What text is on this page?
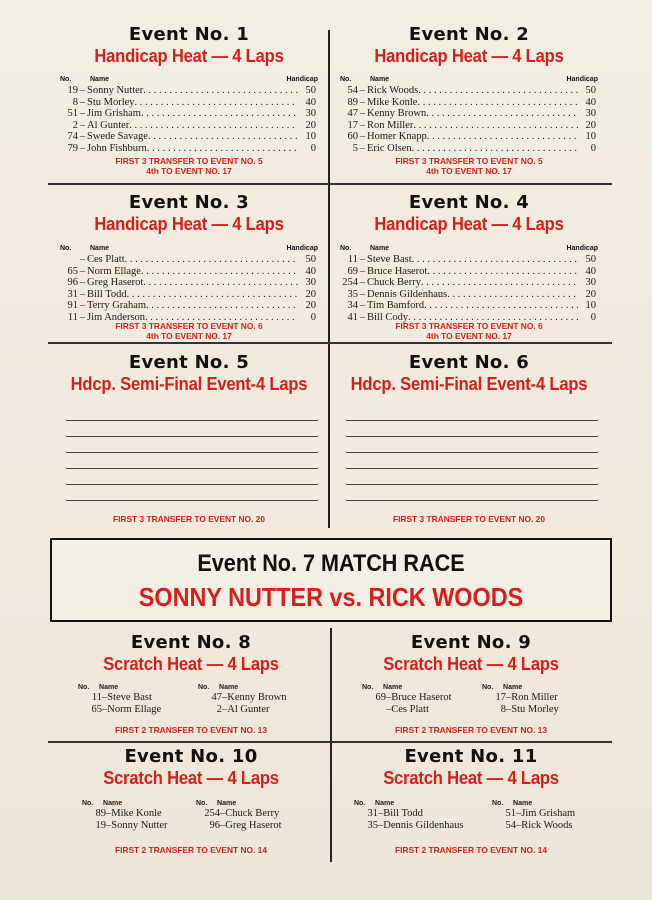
Event No. 1
Handicap Heat — 4 Laps
No.	Name	Handicap
19 – Sonny Nutter . . .	50
8 – Stu Morley . . .	40
51 – Jim Grisham . . .	30
2 – Al Gunter . . .	20
74 – Swede Savage . . .	10
79 – John Fishburn . . .	0
FIRST 3 TRANSFER TO EVENT NO. 5
4th TO EVENT NO. 17
Event No. 2
Handicap Heat — 4 Laps
No.	Name	Handicap
54 – Rick Woods . . .	50
89 – Mike Konle . . .	40
47 – Kenny Brown . . .	30
17 – Ron Miller . . .	20
60 – Homer Knapp . . .	10
5 – Eric Olsen . . .	0
FIRST 3 TRANSFER TO EVENT NO. 5
4th TO EVENT NO. 17
Event No. 3
Handicap Heat — 4 Laps
No.	Name	Handicap
– Ces Platt . . .	50
65 – Norm Ellage . . .	40
96 – Greg Haserot . . .	30
31 – Bill Todd . . .	20
91 – Terry Graham . . .	20
11 – Jim Anderson . . .	0
FIRST 3 TRANSFER TO EVENT NO. 6
4th TO EVENT NO. 17
Event No. 4
Handicap Heat — 4 Laps
No.	Name	Handicap
11 – Steve Bast . . .	50
69 – Bruce Haserot . . .	40
254 – Chuck Berry . . .	30
35 – Dennis Gildenhaus . . .	20
34 – Tim Bamford . . .	10
41 – Bill Cody . . .	0
FIRST 3 TRANSFER TO EVENT NO. 6
4th TO EVENT NO. 17
Event No. 5
Hdcp. Semi-Final Event-4 Laps
FIRST 3 TRANSFER TO EVENT NO. 20
Event No. 6
Hdcp. Semi-Final Event-4 Laps
FIRST 3 TRANSFER TO EVENT NO. 20
Event No. 7 MATCH RACE
SONNY NUTTER vs. RICK WOODS
Event No. 8
Scratch Heat — 4 Laps
No. Name
11–Steve Bast
65–Norm Ellage
No. Name
47–Kenny Brown
2–Al Gunter
FIRST 2 TRANSFER TO EVENT NO. 13
Event No. 9
Scratch Heat — 4 Laps
No. Name
69–Bruce Haserot
–Ces Platt
No. Name
17–Ron Miller
8–Stu Morley
FIRST 2 TRANSFER TO EVENT NO. 13
Event No. 10
Scratch Heat — 4 Laps
No. Name
89–Mike Konle
19–Sonny Nutter
No. Name
254–Chuck Berry
96–Greg Haserot
FIRST 2 TRANSFER TO EVENT NO. 14
Event No. 11
Scratch Heat — 4 Laps
No. Name
31–Bill Todd
35–Dennis Gildenhaus
No. Name
51–Jim Grisham
54–Rick Woods
FIRST 2 TRANSFER TO EVENT NO. 14
